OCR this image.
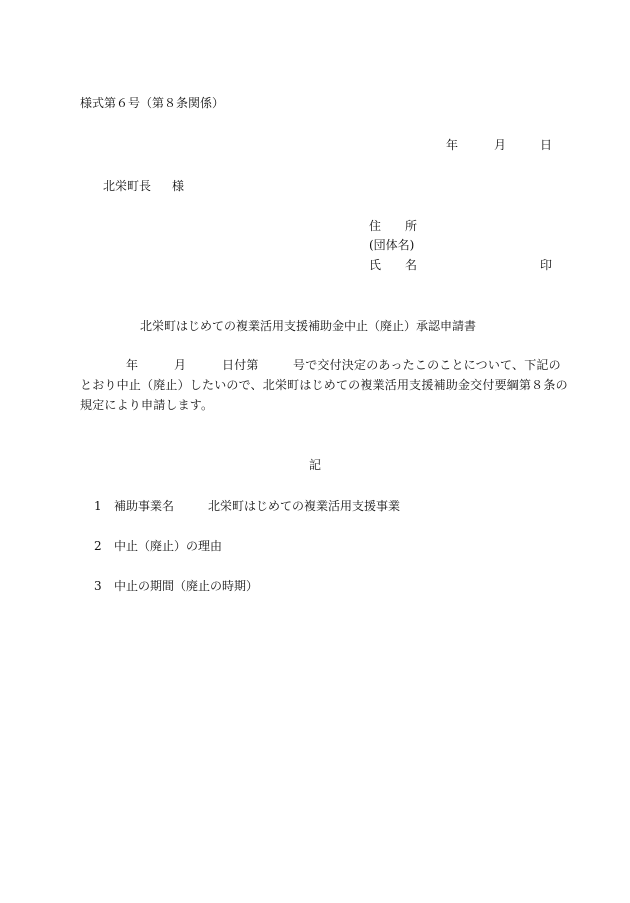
様式第６号（第８条関係）
年	月	日
北栄町長 様
住　　所
(団体名)
氏　　名	印
北栄町はじめての複業活用支援補助金中止（廃止）承認申請書
年	月	日付第	号で交付決定のあったこのことについて、下記の
とおり中止（廃止）したいので、北栄町はじめての複業活用支援補助金交付要綱第８条の
規定により申請します。
記
1 補助事業名	北栄町はじめての複業活用支援事業
2 中止（廃止）の理由
3 中止の期間（廃止の時期）
